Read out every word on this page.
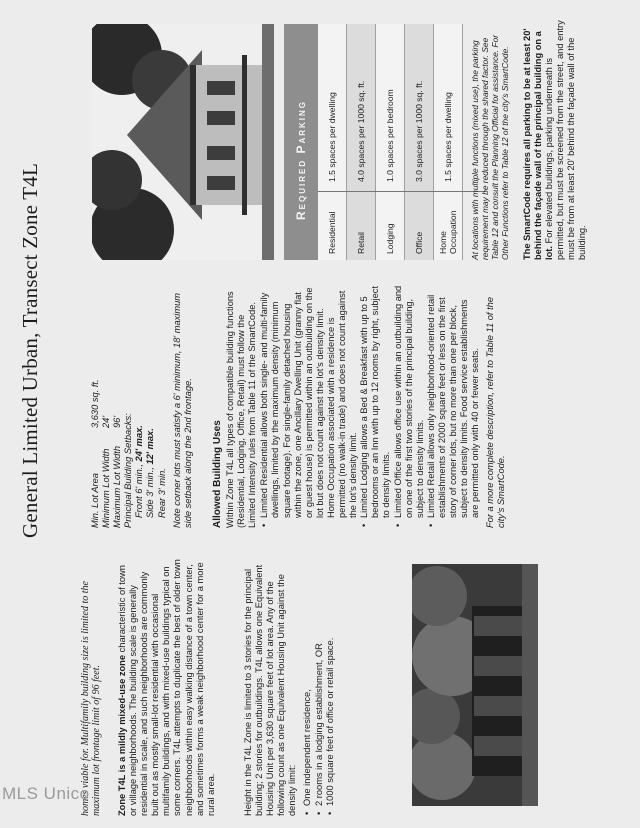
homes viable for. Multifamily building size is limited to the maximum lot frontage limit of 96 feet. Zone T4L is a mildly mixed-use zone characteristic of town or village neighborhoods. The building scale is generally residential in scale, and such neighborhoods are commonly built out as mostly small-lot residential with occasional multifamily buildings, and with mixed-use buildings typical on some corners. T4L attempts to duplicate the best of older town neighborhoods within easy walking distance of a town center, and sometimes forms a weak neighborhood center for a more rural area.	Height in the T4L Zone is limited to 3 stories for the principal building; 2 stories for outbuildings. T4L allows one Equivalent Housing Unit per 3,630 square feet of lot area. Any of the following count as one Equivalent Housing Unit against the density limit: • One independent residence, • 2 rooms in a lodging establishment, OR • 1000 square feet of office or retail space.
General Limited Urban, Transect Zone T4L	Min. Lot Area
3,630 sq. ft.
Minimum Lot Width
24'
Maximum Lot Width
96' Principal Building Setbacks: Front 6' min., 24' max.
Side 3' min., 12' max.
Rear 3' min. Note corner lots must satisfy a 6' minimum, 18' maximum side setback along the 2nd frontage. Allowed Building Uses Within Zone T4L all types of compatible building functions (Residential, Lodging, Office, Retail) must follow the Limited Intensity rules from Table 11 of the SmartCode. • Limited Residential allows both single- and multi-family dwellings, limited by the maximum density (minimum square footage). For single-family detached housing within the zone, one Ancillary Dwelling Unit (granny flat or guest house) is permitted within an outbuilding on the lot but does not count against the lot's density limit. Home Occupation associated with a residence is permitted (no walk-in trade) and does not count against the lot's density limit. • Limited Lodging allows a Bed & Breakfast with up to 5 bedrooms or an Inn with up to 12 rooms by right, subject to density limits. • Limited Office allows office use within an outbuilding and on one of the first two stories of the principal building, subject to density limits. • Limited Retail allows only neighborhood-oriented retail establishments of 2000 square feet or less on the first story of corner lots, but no more than one per block, subject to density limits. Food service establishments are permitted only with 40 or fewer seats. For a more complete description, refer to Table 11 of the city's SmartCode.

Required Parking
Residential
1.5 spaces per dwelling
Retail
4.0 spaces per 1000 sq. ft.
Lodging
1.0 spaces per bedroom
Office
3.0 spaces per 1000 sq. ft.
Home Occupation
1.5 spaces per dwelling At locations with multiple functions (mixed use), the parking requirement may be reduced through the shared factor. See Table 12 and consult the Planning Official for assistance. For Other Functions refer to Table 12 of the city's SmartCode. The SmartCode requires all parking to be at least 20' behind the façade wall of the principal building on a lot. For elevated buildings, parking underneath is permitted, but must be screened from the street, and entry must be from at least 20' behind the façade wall of the building.

MLS Unico
